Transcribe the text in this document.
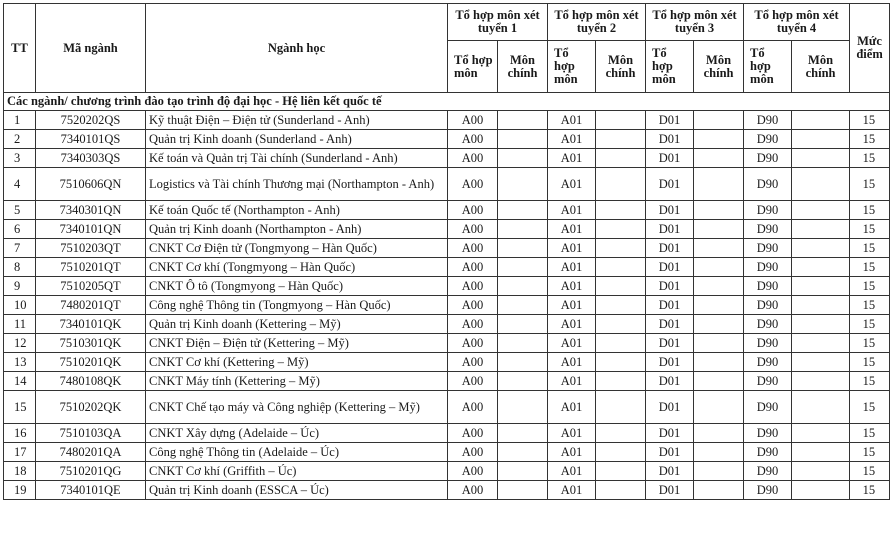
TT	Mã ngành	Ngành học	Tổ hợp môn xét tuyển 1		Tổ hợp môn xét tuyển 2		Tổ hợp môn xét tuyển 3		Tổ hợp môn xét tuyển 4		Mức điểm
			Tổ hợp môn	Môn chính	Tổ hợp môn	Môn chính	Tổ hợp môn	Môn chính	Tổ hợp môn	Môn chính	
Các ngành/ chương trình đào tạo trình độ đại học - Hệ liên kết quốc tế											
1	7520202QS	Kỹ thuật Điện – Điện tử (Sunderland - Anh)	A00		A01		D01		D90		15
2	7340101QS	Quản trị Kinh doanh (Sunderland - Anh)	A00		A01		D01		D90		15
3	7340303QS	Kế toán và Quản trị Tài chính (Sunderland - Anh)	A00		A01		D01		D90		15
4	7510606QN	Logistics và Tài chính Thương mại (Northampton - Anh)	A00		A01		D01		D90		15
5	7340301QN	Kế toán Quốc tế (Northampton - Anh)	A00		A01		D01		D90		15
6	7340101QN	Quản trị Kinh doanh (Northampton - Anh)	A00		A01		D01		D90		15
7	7510203QT	CNKT Cơ Điện tử (Tongmyong – Hàn Quốc)	A00		A01		D01		D90		15
8	7510201QT	CNKT Cơ khí (Tongmyong – Hàn Quốc)	A00		A01		D01		D90		15
9	7510205QT	CNKT Ô tô (Tongmyong – Hàn Quốc)	A00		A01		D01		D90		15
10	7480201QT	Công nghệ Thông tin (Tongmyong – Hàn Quốc)	A00		A01		D01		D90		15
11	7340101QK	Quản trị Kinh doanh (Kettering – Mỹ)	A00		A01		D01		D90		15
12	7510301QK	CNKT Điện – Điện tử (Kettering – Mỹ)	A00		A01		D01		D90		15
13	7510201QK	CNKT Cơ khí (Kettering – Mỹ)	A00		A01		D01		D90		15
14	7480108QK	CNKT Máy tính (Kettering – Mỹ)	A00		A01		D01		D90		15
15	7510202QK	CNKT Chế tạo máy và Công nghiệp (Kettering – Mỹ)	A00		A01		D01		D90		15
16	7510103QA	CNKT Xây dựng (Adelaide – Úc)	A00		A01		D01		D90		15
17	7480201QA	Công nghệ Thông tin (Adelaide – Úc)	A00		A01		D01		D90		15
18	7510201QG	CNKT Cơ khí (Griffith – Úc)	A00		A01		D01		D90		15
19	7340101QE	Quản trị Kinh doanh (ESSCA – Úc)	A00		A01		D01		D90		15
